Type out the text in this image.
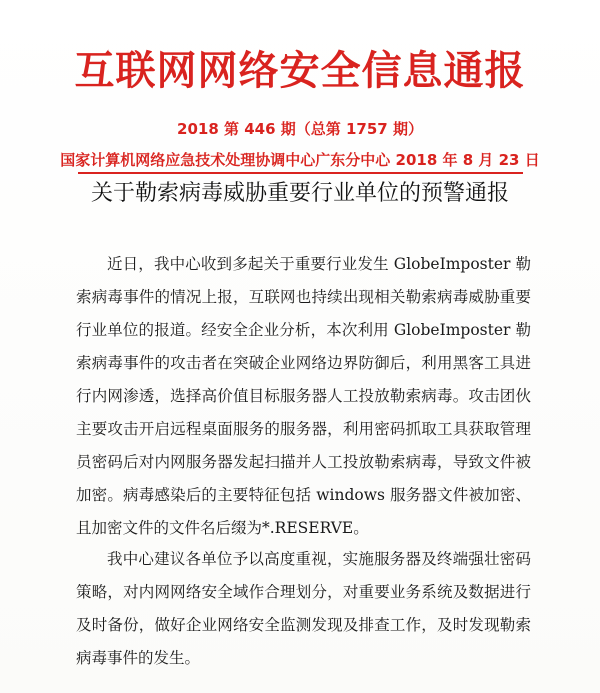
互联网网络安全信息通报
2018 第 446 期（总第 1757 期）
国家计算机网络应急技术处理协调中心广东分中心 2018 年 8 月 23 日
关于勒索病毒威胁重要行业单位的预警通报

近日，我中心收到多起关于重要行业发生 GlobeImposter 勒索病毒事件的情况上报，互联网也持续出现相关勒索病毒威胁重要行业单位的报道。经安全企业分析，本次利用 GlobeImposter 勒索病毒事件的攻击者在突破企业网络边界防御后，利用黑客工具进行内网渗透，选择高价值目标服务器人工投放勒索病毒。攻击团伙主要攻击开启远程桌面服务的服务器，利用密码抓取工具获取管理员密码后对内网服务器发起扫描并人工投放勒索病毒，导致文件被加密。病毒感染后的主要特征包括 windows 服务器文件被加密、且加密文件的文件名后缀为*.RESERVE。

我中心建议各单位予以高度重视，实施服务器及终端强壮密码策略，对内网网络安全域作合理划分，对重要业务系统及数据进行及时备份，做好企业网络安全监测发现及排查工作，及时发现勒索病毒事件的发生。
